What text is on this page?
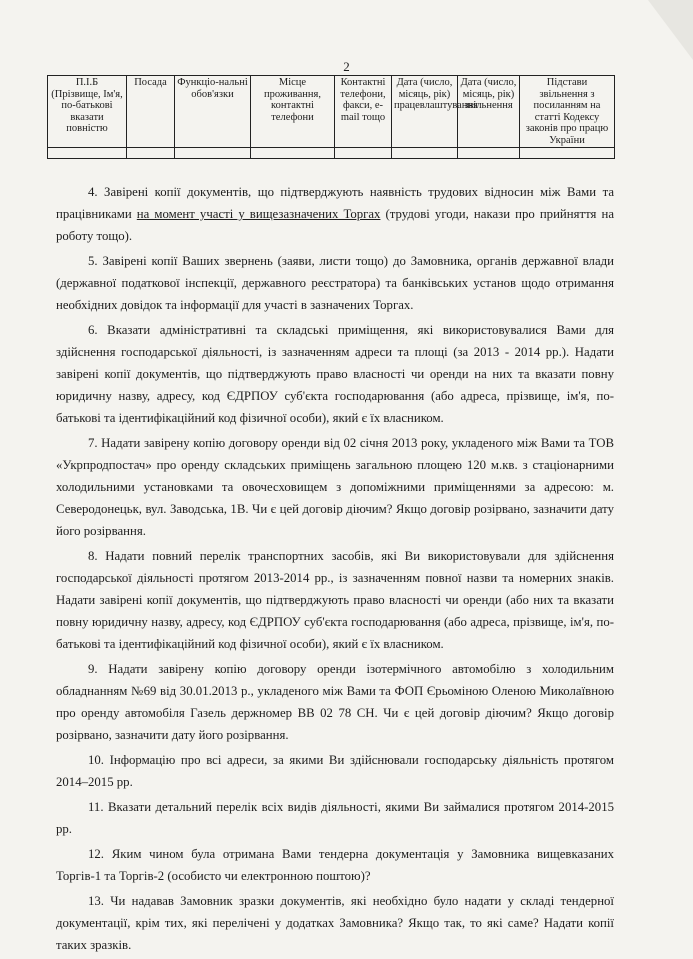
2
П.І.Б (Прізвище, Ім'я, по-батькові вказати повністю	Посада	Функціо-нальні обов'язки	Місце проживання, контактні телефони	Контактні телефони, факси, e-mail тощо	Дата (число, місяць, рік) працевлаштування	Дата (число, місяць, рік) звільнення	Підстави звільнення з посиланням на статті Кодексу законів про працю України

4. Завірені копії документів, що підтверджують наявність трудових відносин між Вами та працівниками на момент участі у вищезазначених Торгах (трудові угоди, накази про прийняття на роботу тощо).

5. Завірені копії Ваших звернень (заяви, листи тощо) до Замовника, органів державної влади (державної податкової інспекції, державного реєстратора) та банківських установ щодо отримання необхідних довідок та інформації для участі в зазначених Торгах.

6. Вказати адміністративні та складські приміщення, які використовувалися Вами для здійснення господарської діяльності, із зазначенням адреси та площі (за 2013 - 2014 рр.). Надати завірені копії документів, що підтверджують право власності чи оренди на них та вказати повну юридичну назву, адресу, код ЄДРПОУ суб'єкта господарювання (або адреса, прізвище, ім'я, по-батькові та ідентифікаційний код фізичної особи), який є їх власником.

7. Надати завірену копію договору оренди від 02 січня 2013 року, укладеного між Вами та ТОВ «Укрпродпостач» про оренду складських приміщень загальною площею 120 м.кв. з стаціонарними холодильними установками та овочесховищем з допоміжними приміщеннями за адресою: м. Северодонецьк, вул. Заводська, 1В. Чи є цей договір діючим? Якщо договір розірвано, зазначити дату його розірвання.

8. Надати повний перелік транспортних засобів, які Ви використовували для здійснення господарської діяльності протягом 2013-2014 рр., із зазначенням повної назви та номерних знаків. Надати завірені копії документів, що підтверджують право власності чи оренди (або них та вказати повну юридичну назву, адресу, код ЄДРПОУ суб'єкта господарювання (або адреса, прізвище, ім'я, по-батькові та ідентифікаційний код фізичної особи), який є їх власником.

9. Надати завірену копію договору оренди ізотермічного автомобілю з холодильним обладнанням №69 від 30.01.2013 р., укладеного між Вами та ФОП Єрьоміною Оленою Миколаївною про оренду автомобіля Газель держномер ВВ 02 78 СН. Чи є цей договір діючим? Якщо договір розірвано, зазначити дату його розірвання.

10. Інформацію про всі адреси, за якими Ви здійснювали господарську діяльність протягом 2014–2015 рр.

11. Вказати детальний перелік всіх видів діяльності, якими Ви займалися протягом 2014-2015 рр.

12. Яким чином була отримана Вами тендерна документація у Замовника вищевказаних Торгів-1 та Торгів-2 (особисто чи електронною поштою)?

13. Чи надавав Замовник зразки документів, які необхідно було надати у складі тендерної документації, крім тих, які перелічені у додатках Замовника? Якщо так, то які саме? Надати копії таких зразків.
